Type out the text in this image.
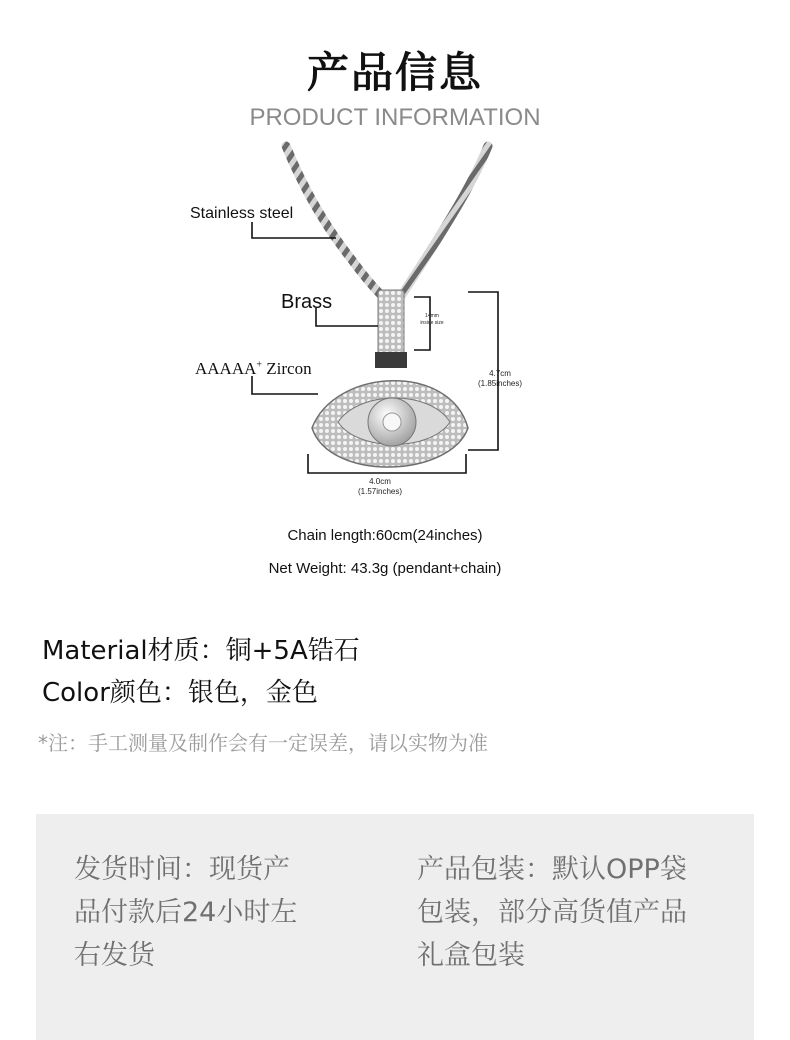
产品信息
PRODUCT INFORMATION
Stainless steel
Brass
AAAAA+ Zircon
14mm
inside size
4.7cm
(1.85inches)
4.0cm
(1.57inches)
Chain length:60cm(24inches)
Net Weight: 43.3g (pendant+chain)
Material材质：铜+5A锆石
Color颜色：银色，金色
*注：手工测量及制作会有一定误差，请以实物为准
发货时间：现货产品付款后24小时左右发货
产品包装：默认OPP袋包装，部分高货值产品礼盒包装
